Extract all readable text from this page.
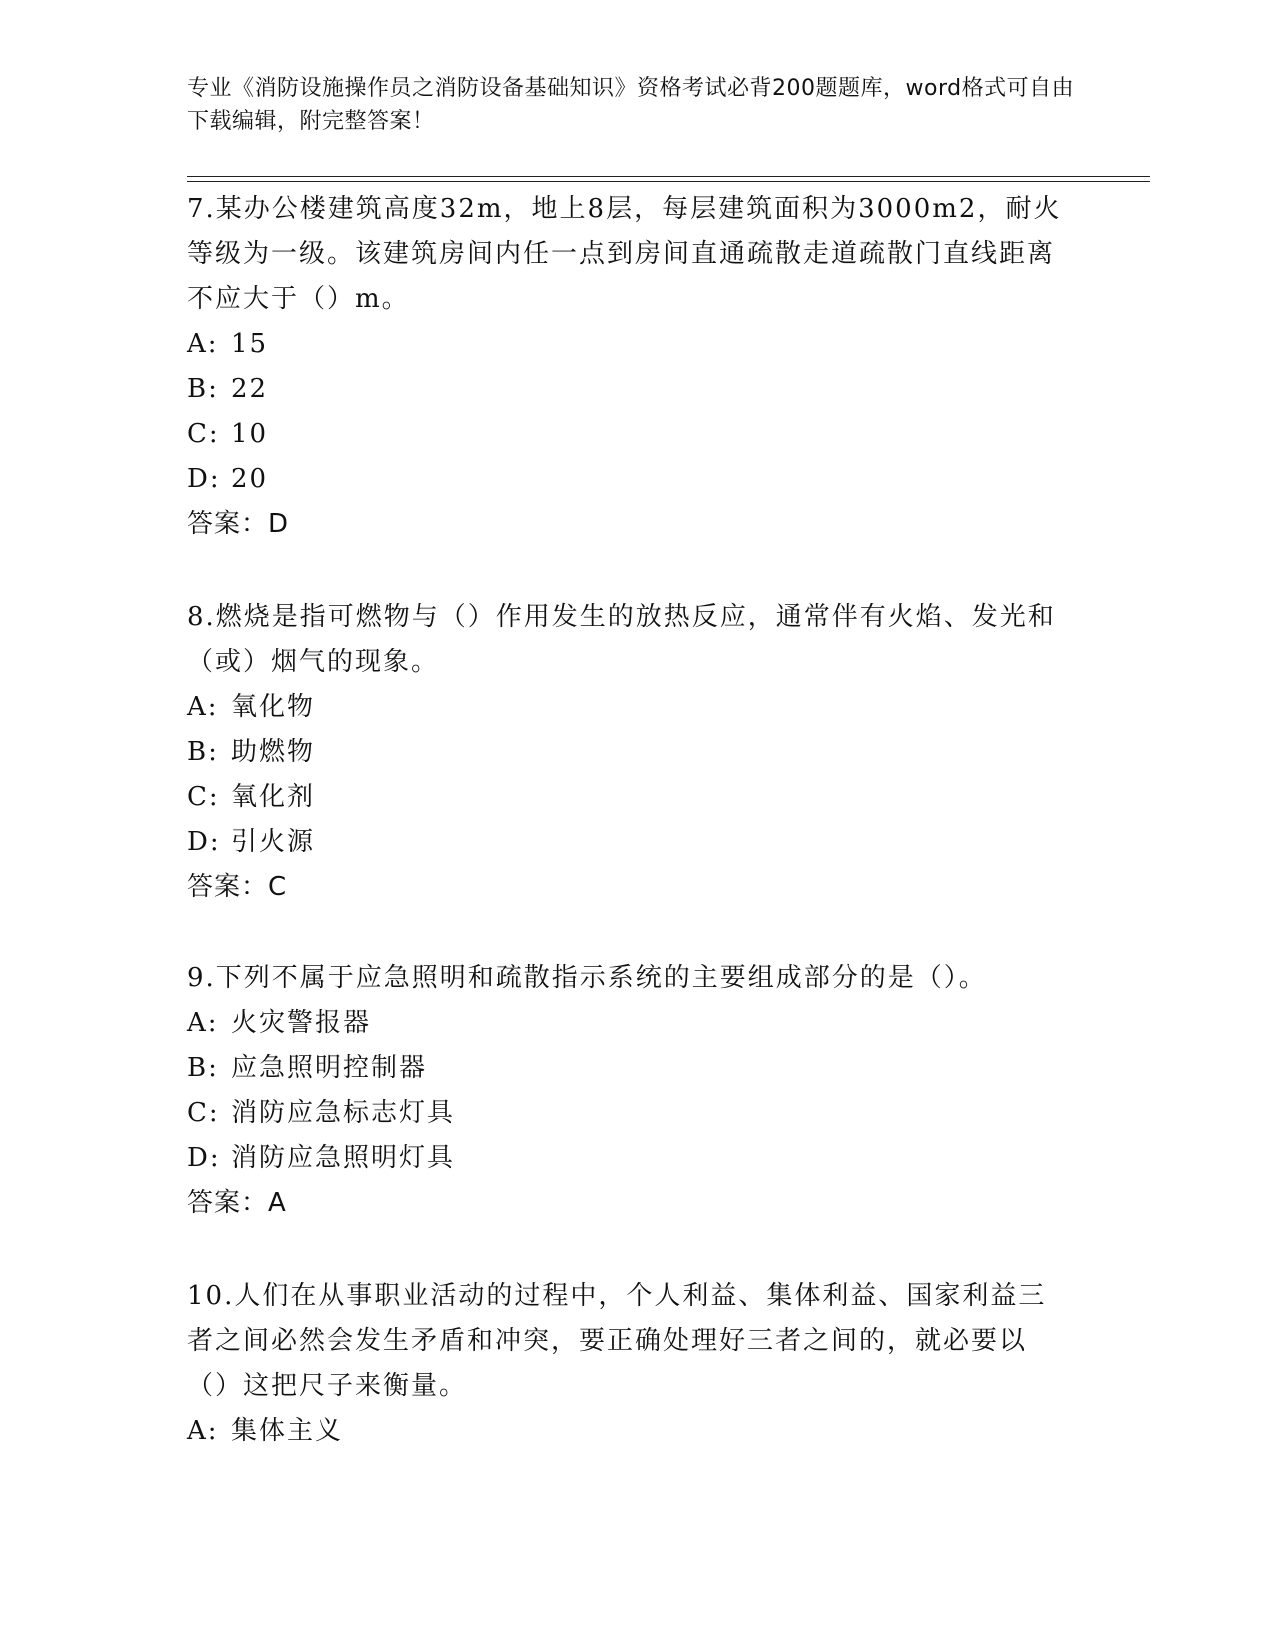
专业《消防设施操作员之消防设备基础知识》资格考试必背200题题库，word格式可自由下载编辑，附完整答案！

7.某办公楼建筑高度32m，地上8层，每层建筑面积为3000m2，耐火等级为一级。该建筑房间内任一点到房间直通疏散走道疏散门直线距离不应大于（）m。

A: 15

B: 22

C: 10

D: 20

答案：D

8.燃烧是指可燃物与（）作用发生的放热反应，通常伴有火焰、发光和（或）烟气的现象。

A: 氧化物

B: 助燃物

C: 氧化剂

D: 引火源

答案：C

9.下列不属于应急照明和疏散指示系统的主要组成部分的是（）。

A: 火灾警报器

B: 应急照明控制器

C: 消防应急标志灯具

D: 消防应急照明灯具

答案：A

10.人们在从事职业活动的过程中，个人利益、集体利益、国家利益三者之间必然会发生矛盾和冲突，要正确处理好三者之间的，就必要以（）这把尺子来衡量。

A: 集体主义
